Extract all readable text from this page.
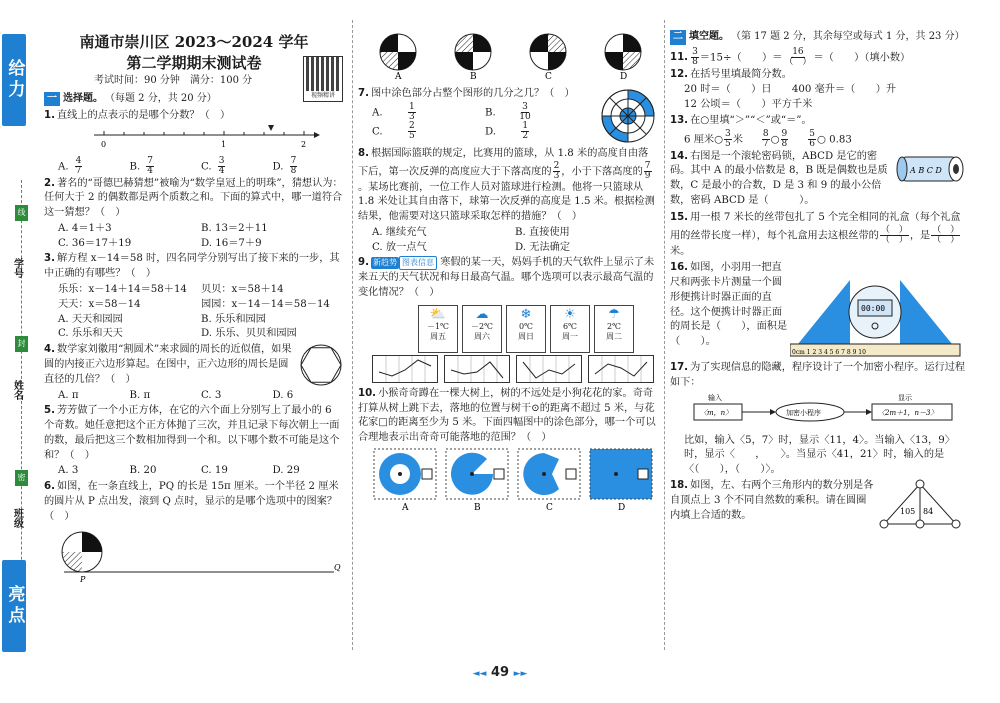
给力
线
学号
封
姓名
密
班级
亮点
南通市崇川区 2023～2024 学年
第二学期期末测试卷
考试时间：90 分钟　满分：100 分
视频精讲
一 选择题。 （每题 2 分，共 20 分）
1. 直线上的点表示的是哪个分数？（　）
0	1	2
A. $\frac{4}{7}$	B. $\frac{7}{4}$	C. $\frac{3}{4}$	D. $\frac{7}{8}$
2. 著名的“哥德巴赫猜想”被喻为“数学皇冠上的明珠”，猜想认为：任何大于 2 的偶数都是两个质数之和。下面的算式中，哪一道符合这一猜想？（　）
A. 4＝1＋3	B. 13＝2＋11
C. 36＝17＋19	D. 16＝7＋9
3. 解方程 x－14＝58 时，四名同学分别写出了接下来的一步，其中正确的有哪些？（　）
乐乐：x－14＋14＝58＋14	贝贝：x＝58＋14
天天：x＝58－14	园园：x－14－14＝58－14
A. 天天和园园	B. 乐乐和园园
C. 乐乐和天天	D. 乐乐、贝贝和园园
4. 数学家刘徽用“割圆术”来求圆的周长的近似值，如果圆的内接正六边形算起。在图中，正六边形的周长是圆直径的几倍？（　）
A. π	B. π	C. 3	D. 6
5. 芳芳做了一个小正方体，在它的六个面上分别写上了最小的 6 个奇数。她任意把这个正方体抛了三次，并且记录下每次朝上一面的数，最后把这三个数相加得到一个和。以下哪个数不可能是这个和？（　）
A. 3	B. 20	C. 19	D. 29
6. 如图，在一条直线上，PQ 的长是 15π 厘米。一个半径 2 厘米的圆片从 P 点出发，滚到 Q 点时，显示的是哪个选项中的图案？（　）
P
Q
A	B	C	D
7. 图中涂色部分占整个图形的几分之几？（　）
A. $\frac{1}{3}$	B. $\frac{3}{10}$
C. $\frac{2}{5}$	D. $\frac{1}{2}$
8. 根据国际篮联的规定，比赛用的篮球，从 1.8 米的高度自由落下后，第一次反弹的高度应大于下落高度的 $\frac{2}{3}$ ，小于下落高度的 $\frac{7}{9}$
。某场比赛前，一位工作人员对篮球进行检测。他将一只篮球从 1.8 米处让其自由落下，球第一次反弹的高度是 1.5 米。根据检测结果，他需要对这只篮球采取怎样的措施？（　）
A. 继续充气	B. 直接使用
C. 放一点气	D. 无法确定
9. 新趋势 图表信息 寒假的某一天，妈妈手机的天气软件上显示了未来五天的天气状况和每日最高气温。哪个选项可以表示最高气温的变化情况？（　）
⛅
－1℃
周五
☁
－2℃
周六
❄
0℃
周日
☀
6℃
周一
☂
2℃
周二
10. 小猴奇奇蹲在一棵大树上，树的不远处是小狗花花的家。奇奇打算从树上跳下去，落地的位置与树干⊙的距离不超过 5 米，与花花家□的距离至少为 5 米。下面四幅图中的涂色部分，哪一个可以合理地表示出奇奇可能落地的范围？（　）
A	B	C	D
二 填空题。 （第 17 题 2 分，其余每空或每式 1 分，共 23 分）
11. $\frac{3}{8} =15\div$（　　）＝ $\frac{16}{( )}$ ＝（　　）（填小数）
12. 在括号里填最简分数。
20 时＝（　　）日　　 400 毫升＝（　　）升
12 公顷＝（　　）平方千米
13. 在○里填“＞”“＜”或“＝”。
6 厘米○ $\frac{3}{5}$ 米 $\frac{8}{7}$ ○ $\frac{9}{8} \frac{5}{6}$ ○ 0.83
14. 右图是一个滚轮密码锁，ABCD 是它的密码。其中 A 的最小倍数是 8，B 既是偶数也是质数，C 是最小的合数，D 是 3 和 9 的最小公倍数，密码 ABCD 是（　　　）。
A B C D
15. 用一根 7 米长的丝带包扎了 5 个完全相同的礼盒（每个礼盒用的丝带长度一样），每个礼盒用去这根丝带的 $\frac{( )}{( )}$ ，是 $\frac{( )}{( )}$
米。
16. 如图，小羽用一把直尺和两张卡片测量一个圆形便携计时器正面的直径。这个便携计时器正面的周长是（　　），面积是（　　）。
00:00
0cm 1 2 3 4 5 6 7 8 9 10
17. 为了实现信息的隐藏，程序设计了一个加密小程序。运行过程如下：
输入
〈m，n〉	加密小程序
显示
〈2m＋1，n－3〉
比如，输入〈5，7〉时，显示〈11，4〉。当输入〈13，9〉时，显示〈　　，　　〉。当显示〈41，21〉时，输入的是〈（　　），（　　）〉。
18. 如图，左、右两个三角形内的数分别是各自顶点上 3 个不同自然数的乘积。请在圆圈内填上合适的数。	105 84
◄◄ 49 ►►
